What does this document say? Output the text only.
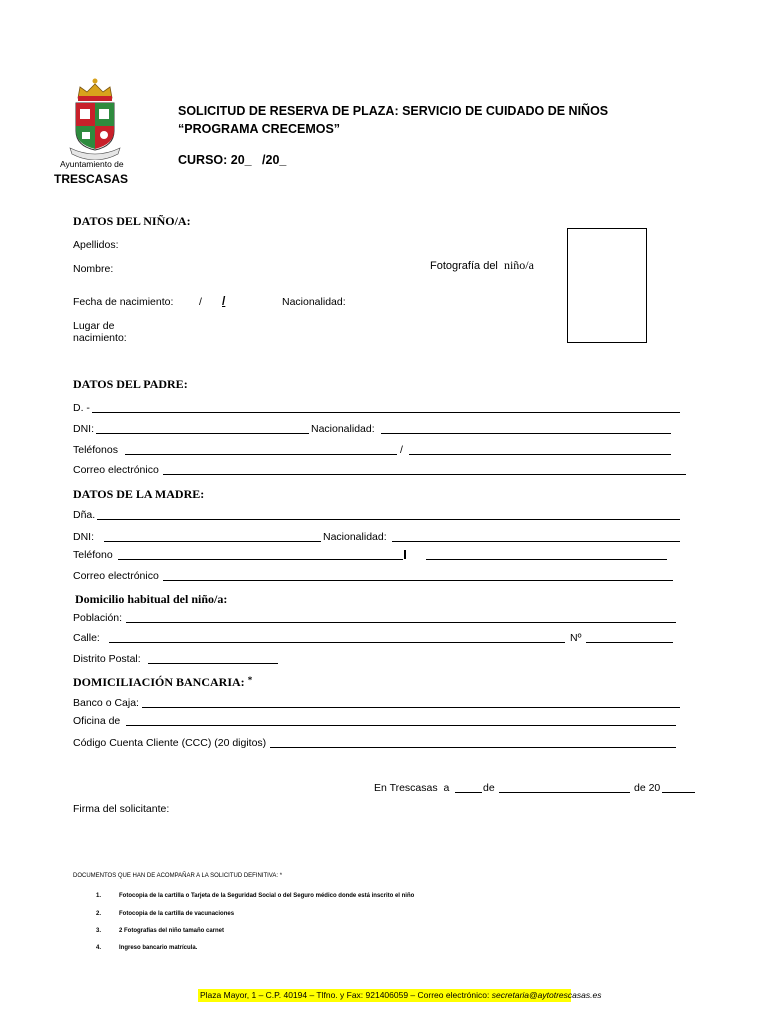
Ayuntamiento de
TRESCASAS
SOLICITUD DE RESERVA DE PLAZA: SERVICIO DE CUIDADO DE NIÑOS
“PROGRAMA CRECEMOS”
CURSO: 20_   /20_
DATOS DEL NIÑO/A:
Apellidos:
Nombre:	Fotografía del niño/a
Fecha de nacimiento: / /	Nacionalidad:
Lugar de
nacimiento:
DATOS DEL PADRE:
D. -
DNI:	Nacionalidad:
Teléfonos	/
Correo electrónico
DATOS DE LA MADRE:
Dña.
DNI:	Nacionalidad:
Teléfono
Correo electrónico
Domicilio habitual del niño/a:
Población:
Calle:	Nº
Distrito Postal:
DOMICILIACIÓN BANCARIA: *
Banco o Caja:
Oficina de
Código Cuenta Cliente (CCC) (20 digitos)
En Trescasas  a	de	de 20
Firma del solicitante:
DOCUMENTOS QUE HAN DE ACOMPAÑAR A LA SOLICITUD DEFINITIVA: *
1.	Fotocopia de la cartilla o Tarjeta de la Seguridad Social o del Seguro médico donde está inscrito el niño
2.	Fotocopia de la cartilla de vacunaciones
3.	2 Fotografías del niño tamaño carnet
4.	Ingreso bancario matrícula.
Plaza Mayor, 1 – C.P. 40194 – Tlfno. y Fax: 921406059 – Correo electrónico: secretaria@aytotrescasas.es
